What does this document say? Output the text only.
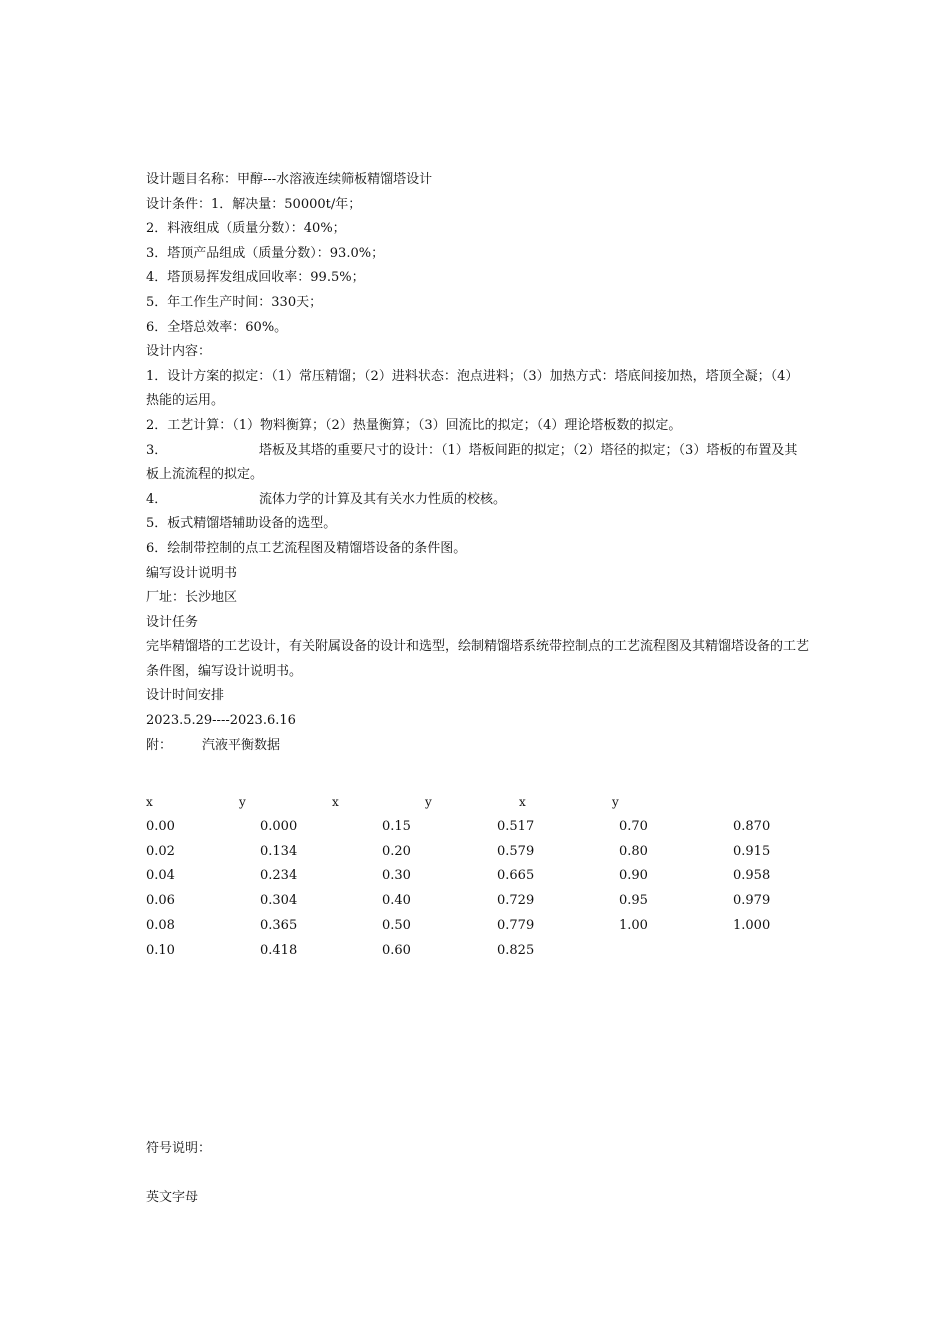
设计题目名称：甲醇---水溶液连续筛板精馏塔设计

设计条件：1．解决量：50000t/年；

2．料液组成（质量分数）：40%；

3．塔顶产品组成（质量分数）：93.0%；

4．塔顶易挥发组成回收率：99.5%；

5．年工作生产时间：330天；

6．全塔总效率：60%。

设计内容：

1．设计方案的拟定：（1）常压精馏；（2）进料状态：泡点进料；（3）加热方式：塔底间接加热，塔顶全凝；（4）热能的运用。

2．工艺计算：（1）物料衡算；（2）热量衡算；（3）回流比的拟定；（4）理论塔板数的拟定。

3．	塔板及其塔的重要尺寸的设计：（1）塔板间距的拟定；（2）塔径的拟定；（3）塔板的布置及其板上流流程的拟定。

4．	流体力学的计算及其有关水力性质的校核。

5．板式精馏塔辅助设备的选型。

6．绘制带控制的点工艺流程图及精馏塔设备的条件图。

编写设计说明书

厂址：长沙地区

设计任务

完毕精馏塔的工艺设计，有关附属设备的设计和选型，绘制精馏塔系统带控制点的工艺流程图及其精馏塔设备的工艺条件图，编写设计说明书。

设计时间安排

2023.5.29----2023.6.16

附： 汽液平衡数据

x	y	x	y	x	y
0.00	0.000	0.15	0.517	0.70	0.870
0.02	0.134	0.20	0.579	0.80	0.915
0.04	0.234	0.30	0.665	0.90	0.958
0.06	0.304	0.40	0.729	0.95	0.979
0.08	0.365	0.50	0.779	1.00	1.000
0.10	0.418	0.60	0.825
符号说明：
英文字母
